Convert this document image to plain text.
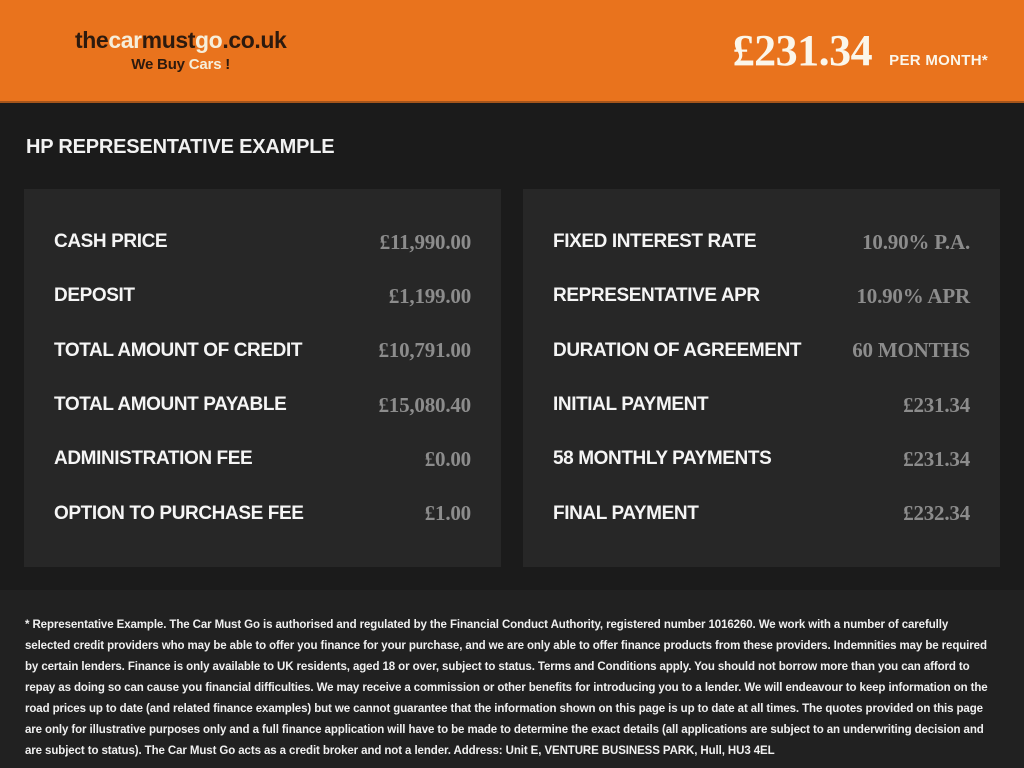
thecarmustgo.co.uk
We Buy Cars !	£231.34 PER MONTH*
HP REPRESENTATIVE EXAMPLE
CASH PRICE	£11,990.00
DEPOSIT	£1,199.00
TOTAL AMOUNT OF CREDIT	£10,791.00
TOTAL AMOUNT PAYABLE	£15,080.40
ADMINISTRATION FEE	£0.00
OPTION TO PURCHASE FEE	£1.00
FIXED INTEREST RATE	10.90% P.A.
REPRESENTATIVE APR	10.90% APR
DURATION OF AGREEMENT 60 MONTHS
INITIAL PAYMENT	£231.34
58 MONTHLY PAYMENTS	£231.34
FINAL PAYMENT	£232.34

* Representative Example. The Car Must Go is authorised and regulated by the Financial Conduct Authority, registered number 1016260. We work with a number of carefully selected credit providers who may be able to offer you finance for your purchase, and we are only able to offer finance products from these providers. Indemnities may be required by certain lenders. Finance is only available to UK residents, aged 18 or over, subject to status. Terms and Conditions apply. You should not borrow more than you can afford to repay as doing so can cause you financial difficulties. We may receive a commission or other benefits for introducing you to a lender. We will endeavour to keep information on the road prices up to date (and related finance examples) but we cannot guarantee that the information shown on this page is up to date at all times. The quotes provided on this page are only for illustrative purposes only and a full finance application will have to be made to determine the exact details (all applications are subject to an underwriting decision and are subject to status). The Car Must Go acts as a credit broker and not a lender. Address: Unit E, VENTURE BUSINESS PARK, Hull, HU3 4EL
